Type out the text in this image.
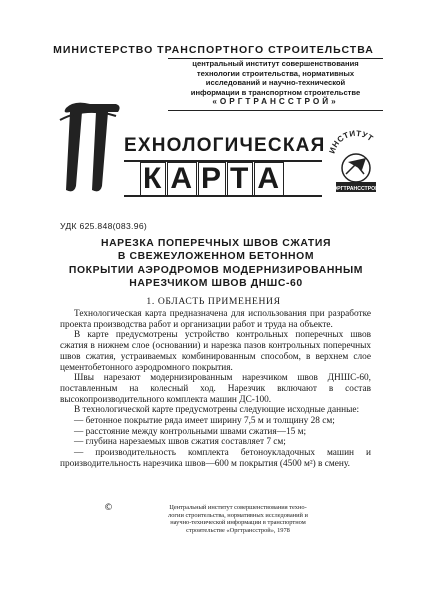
МИНИСТЕРСТВО ТРАНСПОРТНОГО СТРОИТЕЛЬСТВА
центральный институт совершенствования
технологии строительства, нормативных
исследований и научно-технической
информации в транспортном строительстве
«ОРГТРАНССТРОЙ»
ЕХНОЛОГИЧЕСКАЯ
К А Р Т А
ИНСТИТУТ
ОРГТРАНССТРОЙ
УДК 625.848(083.96)
НАРЕЗКА ПОПЕРЕЧНЫХ ШВОВ СЖАТИЯ
В СВЕЖЕУЛОЖЕННОМ БЕТОННОМ
ПОКРЫТИИ АЭРОДРОМОВ МОДЕРНИЗИРОВАННЫМ
НАРЕЗЧИКОМ ШВОВ ДНШС-60
1. ОБЛАСТЬ ПРИМЕНЕНИЯ

Технологическая карта предназначена для использования при разработке проекта производства работ и организации работ и труда на объекте.

В карте предусмотрены устройство контрольных поперечных швов сжатия в нижнем слое (основании) и нарезка пазов контрольных поперечных швов сжатия, устраиваемых комбинированным способом, в верхнем слое цементобетонного аэродромного покрытия.

Швы нарезают модернизированным нарезчиком швов ДНШС-60, поставленным на колесный ход. Нарезчик включают в состав высокопроизводительного комплекта машин ДС-100.

В технологической карте предусмотрены следующие исходные данные:

— бетонное покрытие ряда имеет ширину 7,5 м и толщину 28 см;

— расстояние между контрольными швами сжатия—15 м;

— глубина нарезаемых швов сжатия составляет 7 см;

— производительность комплекта бетоноукладочных машин и производительность нарезчика швов—600 м покрытия (4500 м²) в смену.

©	Центральный институт совершенствования техно-
логии строительства, нормативных исследований и
научно-технической информации в транспортном
строительстве «Оргтрансстрой», 1978
